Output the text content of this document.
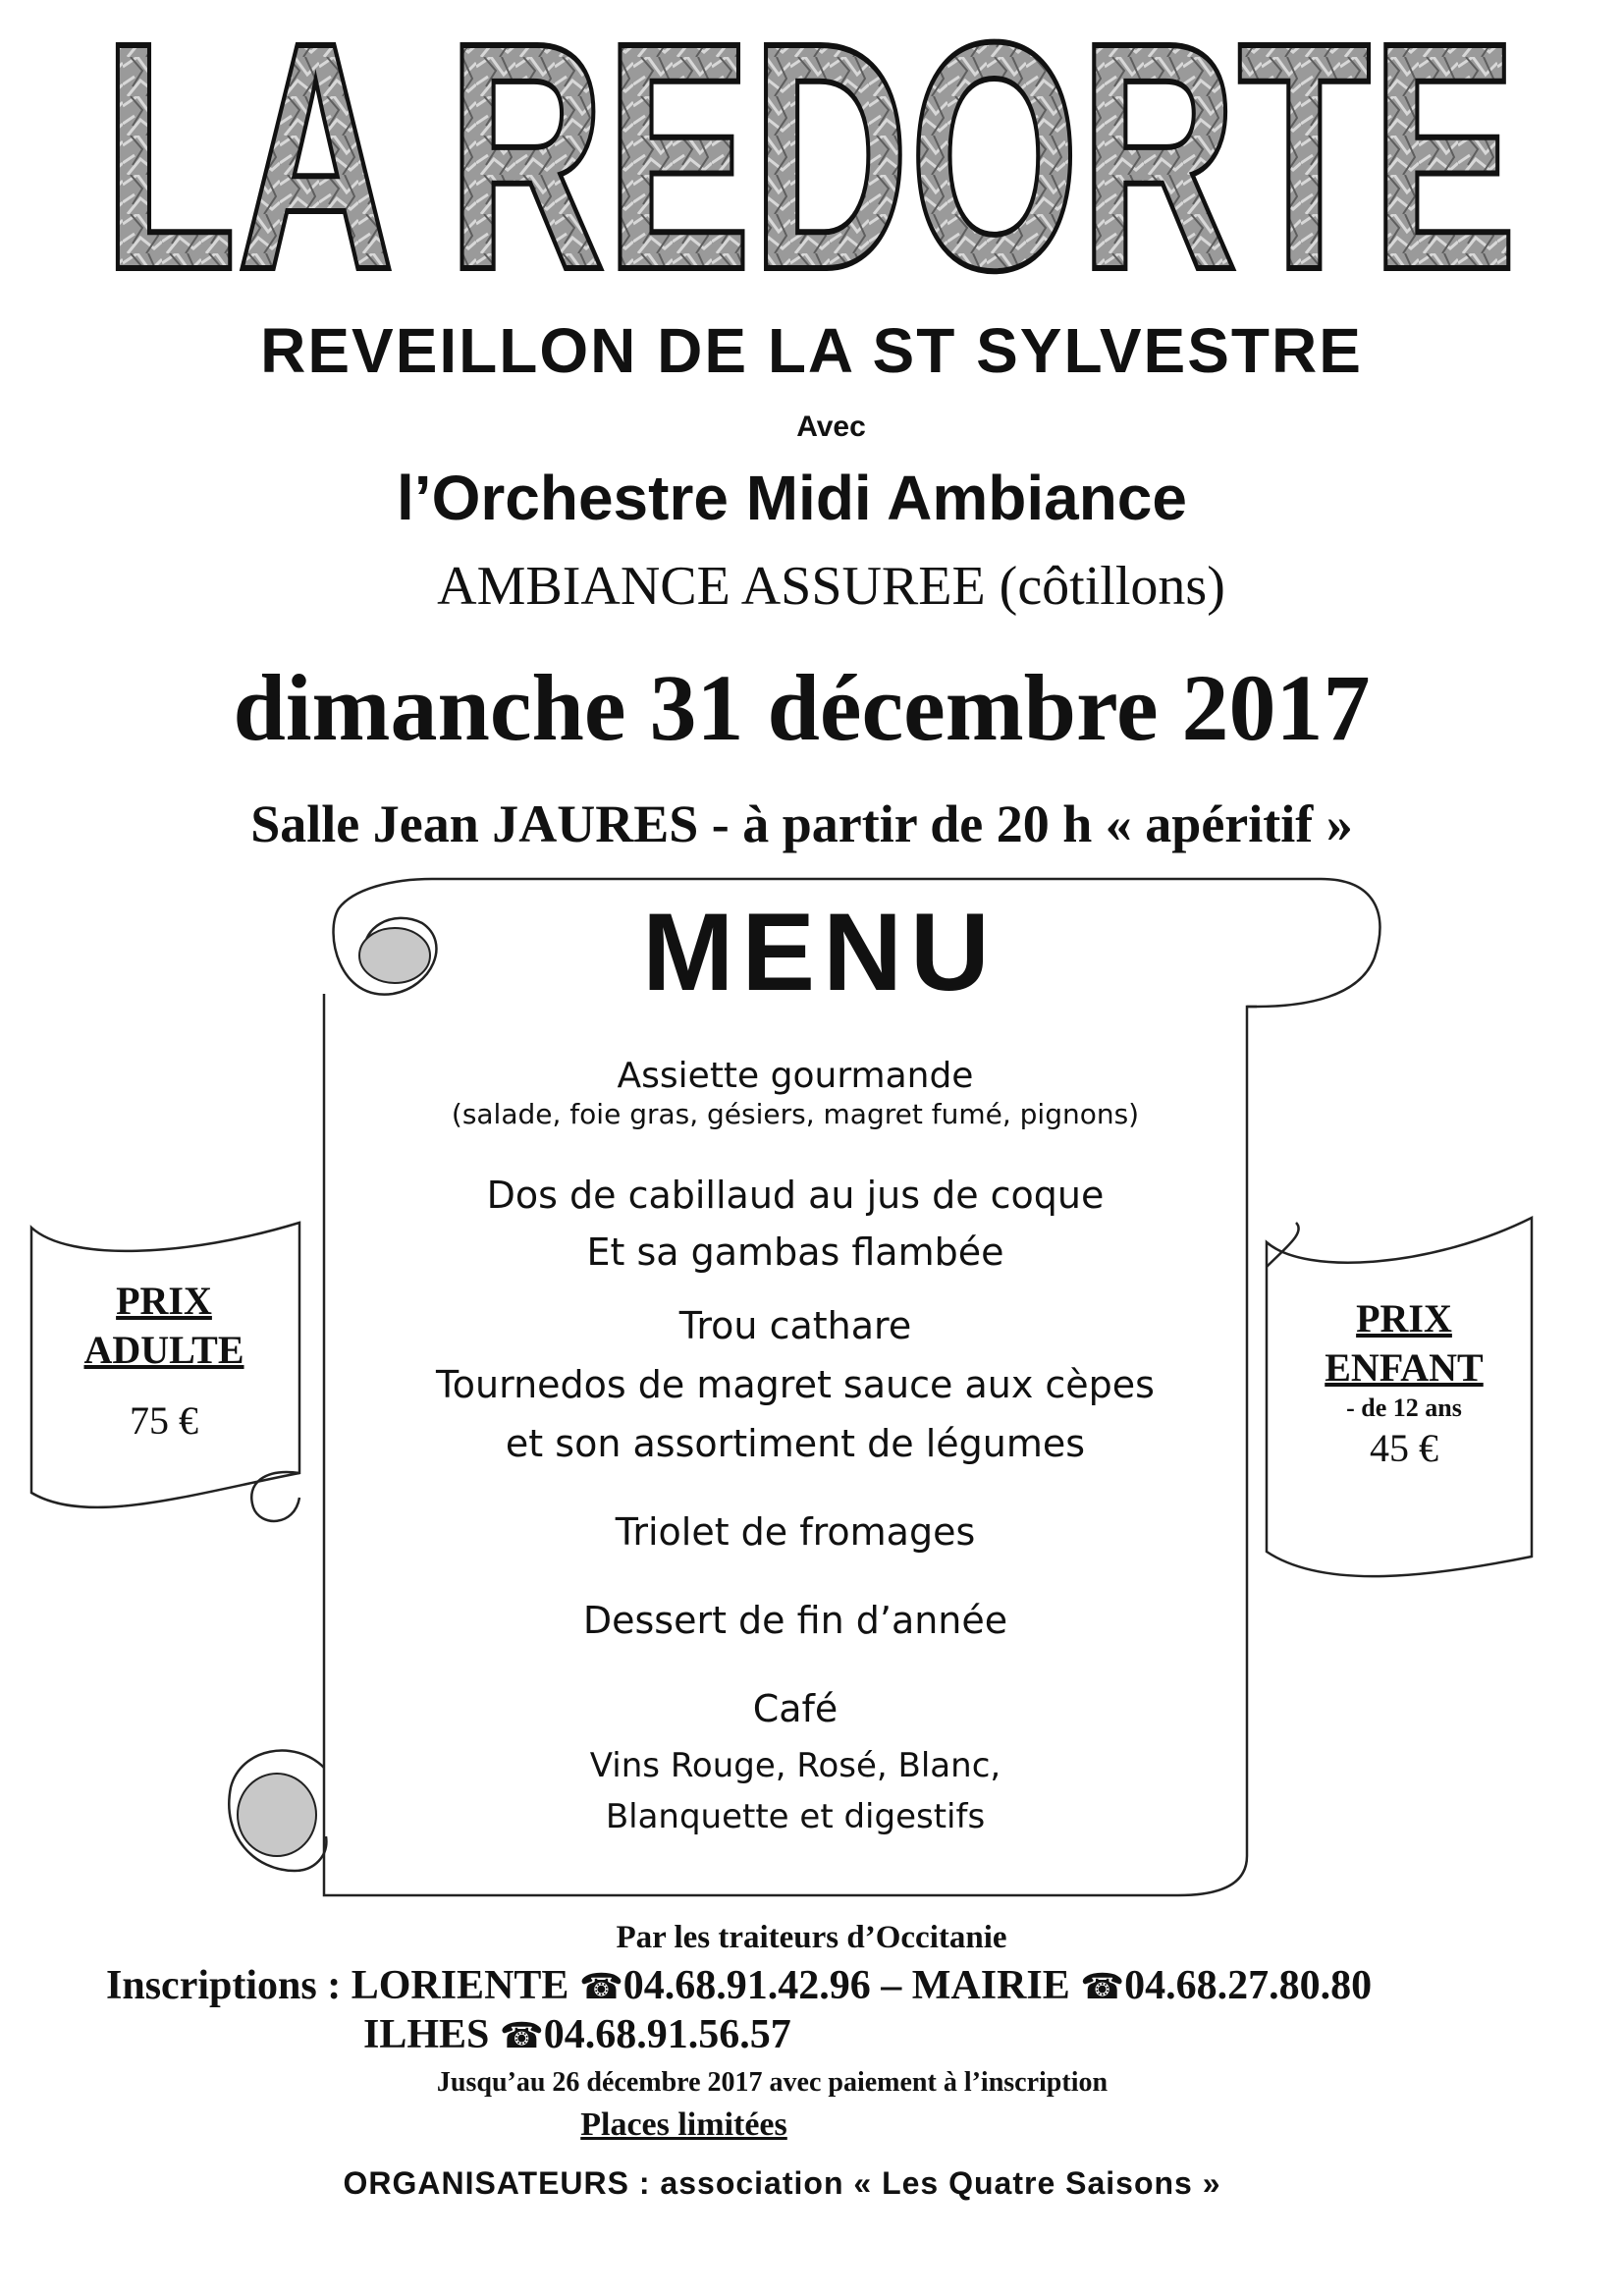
LA REDORTE
REVEILLON DE LA ST SYLVESTRE
Avec
l’Orchestre Midi Ambiance
AMBIANCE ASSUREE (côtillons)
dimanche 31 décembre 2017
Salle Jean JAURES - à partir de 20 h « apéritif »
MENU
Assiette gourmande
(salade, foie gras, gésiers, magret fumé, pignons)
Dos de cabillaud au jus de coque
Et sa gambas flambée
Trou cathare
Tournedos de magret sauce aux cèpes
et son assortiment de légumes
Triolet de fromages
Dessert de fin d’année
Café
Vins Rouge, Rosé, Blanc,
Blanquette et digestifs
PRIX
ADULTE
75 €
PRIX
ENFANT
- de 12 ans
45 €
Par les traiteurs d’Occitanie
Inscriptions : LORIENTE ☎04.68.91.42.96 – MAIRIE ☎04.68.27.80.80
ILHES ☎04.68.91.56.57
Jusqu’au 26 décembre 2017 avec paiement à l’inscription
Places limitées
ORGANISATEURS : association « Les Quatre Saisons »
